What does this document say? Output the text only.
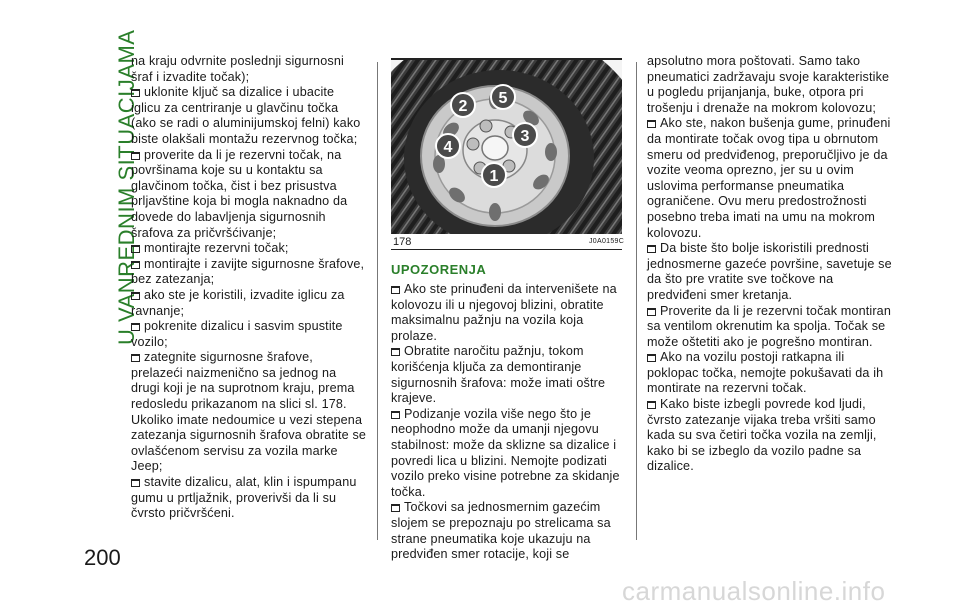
U VANREDNIM SITUACIJAMA

na kraju odvrnite poslednji sigurnosni šraf i izvadite točak);

uklonite ključ sa dizalice i ubacite iglicu za centriranje u glavčinu točka (ako se radi o aluminijumskoj felni) kako biste olakšali montažu rezervnog točka;

proverite da li je rezervni točak, na površinama koje su u kontaktu sa glavčinom točka, čist i bez prisustva prljavštine koja bi mogla naknadno da dovede do labavljenja sigurnosnih šrafova za pričvršćivanje;

montirajte rezervni točak;

montirajte i zavijte sigurnosne šrafove, bez zatezanja;

ako ste je koristili, izvadite iglicu za ravnanje;

pokrenite dizalicu i sasvim spustite vozilo;

zategnite sigurnosne šrafove, prelazeći naizmenično sa jednog na drugi koji je na suprotnom kraju, prema redosledu prikazanom na slici sl. 178. Ukoliko imate nedoumice u vezi stepena zatezanja sigurnosnih šrafova obratite se ovlašćenom servisu za vozila marke Jeep;

stavite dizalicu, alat, klin i ispumpanu gumu u prtljažnik, proverivši da li su čvrsto pričvršćeni.

2 5
3
4
1
178	J0A0159C
UPOZORENJA

Ako ste prinuđeni da intervenišete na kolovozu ili u njegovoj blizini, obratite maksimalnu pažnju na vozila koja prolaze.

Obratite naročitu pažnju, tokom korišćenja ključa za demontiranje sigurnosnih šrafova: može imati oštre krajeve.

Podizanje vozila više nego što je neophodno može da umanji njegovu stabilnost: može da sklizne sa dizalice i povredi lica u blizini. Nemojte podizati vozilo preko visine potrebne za skidanje točka.

Točkovi sa jednosmernim gazećim slojem se prepoznaju po strelicama sa strane pneumatika koje ukazuju na predviđen smer rotacije, koji se

apsolutno mora poštovati. Samo tako pneumatici zadržavaju svoje karakteristike u pogledu prijanjanja, buke, otpora pri trošenju i drenaže na mokrom kolovozu;

Ako ste, nakon bušenja gume, prinuđeni da montirate točak ovog tipa u obrnutom smeru od predviđenog, preporučljivo je da vozite veoma oprezno, jer su u ovim uslovima performanse pneumatika ograničene. Ovu meru predostrožnosti posebno treba imati na umu na mokrom kolovozu.

Da biste što bolje iskoristili prednosti jednosmerne gazeće površine, savetuje se da što pre vratite sve točkove na predviđeni smer kretanja.

Proverite da li je rezervni točak montiran sa ventilom okrenutim ka spolja. Točak se može oštetiti ako je pogrešno montiran.

Ako na vozilu postoji ratkapna ili poklopac točka, nemojte pokušavati da ih montirate na rezervni točak.

Kako biste izbegli povrede kod ljudi, čvrsto zatezanje vijaka treba vršiti samo kada su sva četiri točka vozila na zemlji, kako bi se izbeglo da vozilo padne sa dizalice.

200
carmanualsonline.info
